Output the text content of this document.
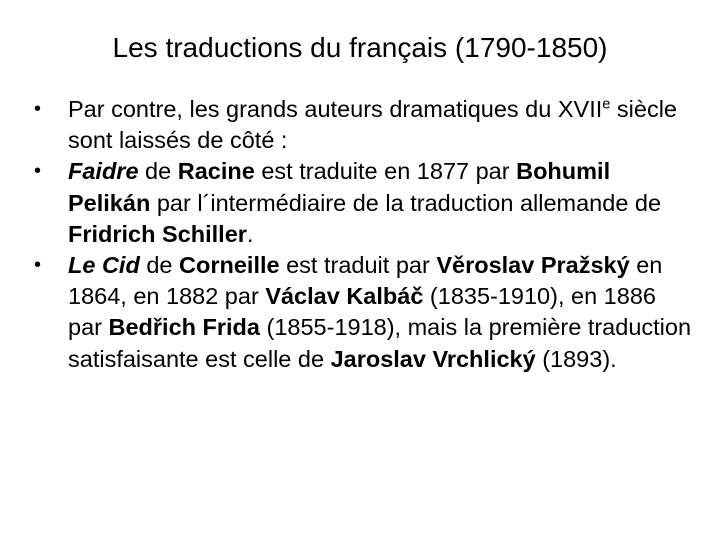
Les traductions du français (1790-1850)
•	Par contre, les grands auteurs dramatiques du XVIIe siècle sont laissés de côté :
•	Faidre de Racine est traduite en 1877 par Bohumil Pelikán par l´intermédiaire de la traduction allemande de Fridrich Schiller.
•	Le Cid de Corneille est traduit par Věroslav Pražský en 1864, en 1882 par Václav Kalbáč (1835-1910), en 1886 par Bedřich Frida (1855-1918), mais la première traduction satisfaisante est celle de Jaroslav Vrchlický (1893).
